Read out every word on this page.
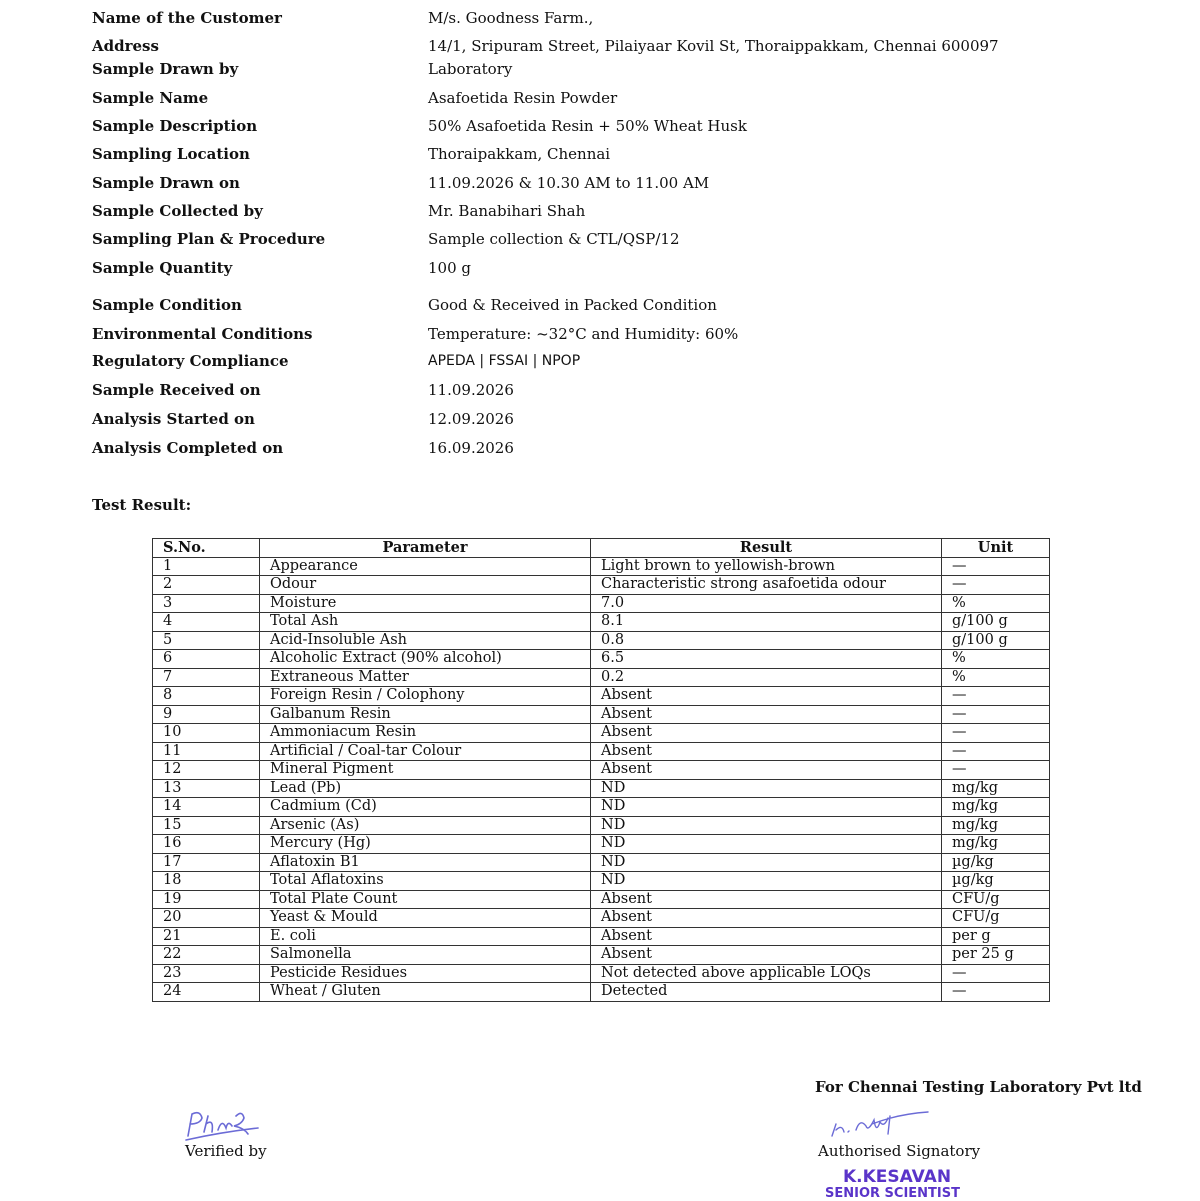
Name of the Customer	M/s. Goodness Farm.,
Address	14/1, Sripuram Street, Pilaiyaar Kovil St, Thoraippakkam, Chennai 600097
Sample Drawn by	Laboratory
Sample Name	Asafoetida Resin Powder
Sample Description	50% Asafoetida Resin + 50% Wheat Husk
Sampling Location	Thoraipakkam, Chennai
Sample Drawn on	11.09.2026 & 10.30 AM to 11.00 AM
Sample Collected by	Mr. Banabihari Shah
Sampling Plan & Procedure	Sample collection & CTL/QSP/12
Sample Quantity	100 g
Sample Condition	Good & Received in Packed Condition
Environmental Conditions	Temperature: ~32°C and Humidity: 60%
Regulatory Compliance	APEDA | FSSAI | NPOP
Sample Received on	11.09.2026
Analysis Started on	12.09.2026
Analysis Completed on	16.09.2026
Test Result:
S.No.	Parameter	Result	Unit
1	Appearance	Light brown to yellowish-brown	—
2	Odour	Characteristic strong asafoetida odour	—
3	Moisture	7.0	%
4	Total Ash	8.1	g/100 g
5	Acid-Insoluble Ash	0.8	g/100 g
6	Alcoholic Extract (90% alcohol)	6.5	%
7	Extraneous Matter	0.2	%
8	Foreign Resin / Colophony	Absent	—
9	Galbanum Resin	Absent	—
10	Ammoniacum Resin	Absent	—
11	Artificial / Coal-tar Colour	Absent	—
12	Mineral Pigment	Absent	—
13	Lead (Pb)	ND	mg/kg
14	Cadmium (Cd)	ND	mg/kg
15	Arsenic (As)	ND	mg/kg
16	Mercury (Hg)	ND	mg/kg
17	Aflatoxin B1	ND	µg/kg
18	Total Aflatoxins	ND	µg/kg
19	Total Plate Count	Absent	CFU/g
20	Yeast & Mould	Absent	CFU/g
21	E. coli	Absent	per g
22	Salmonella	Absent	per 25 g
23	Pesticide Residues	Not detected above applicable LOQs	—
24	Wheat / Gluten	Detected	—
For Chennai Testing Laboratory Pvt ltd
Verified by	Authorised Signatory
K.KESAVAN
SENIOR SCIENTIST
